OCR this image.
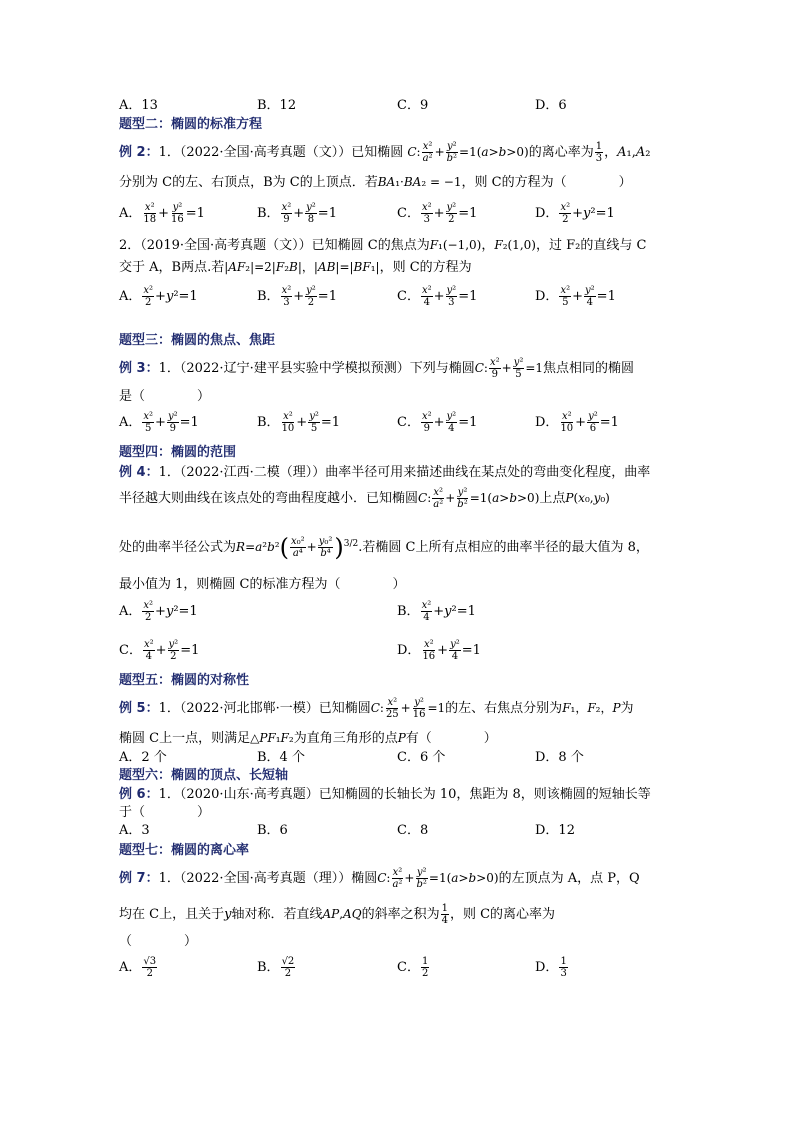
A．13	B．12	C．9	D．6
题型二：椭圆的标准方程
例 2：1．（2022·全国·高考真题（文））已知椭圆 C: $\frac{\text{x²}}{\text{a²}} + \frac{\text{y²}}{\text{b²}} =1(a>b>0)$的离心率为 $\frac{1}{3}$ ，A₁,A₂
分别为 C的左、右顶点，B为 C的上顶点．若BA₁·BA₂ = −1，则 C的方程为（　　　　）
A． $\frac{\text{x²}}{18} + \frac{\text{y²}}{16} =1$	B． $\frac{\text{x²}}{9} + \frac{\text{y²}}{8} =1$	C． $\frac{\text{x²}}{3} + \frac{\text{y²}}{2} =1$	D． $\frac{\text{x²}}{2} + y$ ²=1
2．（2019·全国·高考真题（文））已知椭圆 C的焦点为F₁(−1,0)，F₂(1,0)，过 F₂的直线与 C
交于 A，B两点.若|AF₂|=2|F₂B|，|AB|=|BF₁|，则 C的方程为
A． $\frac{\text{x²}}{2} + y$ ²=1	B． $\frac{\text{x²}}{3} + \frac{\text{y²}}{2} =1$	C． $\frac{\text{x²}}{4} + \frac{\text{y²}}{3} =1$	D． $\frac{\text{x²}}{5} + \frac{\text{y²}}{4} =1$
题型三：椭圆的焦点、焦距
例 3：1．（2022·辽宁·建平县实验中学模拟预测）下列与椭圆C: $\frac{\text{x²}}{9} + \frac{\text{y²}}{5} =1$焦点相同的椭圆
是（　　　　）
A． $\frac{\text{x²}}{5} + \frac{\text{y²}}{9} =1$	B． $\frac{\text{x²}}{10} + \frac{\text{y²}}{5} =1$	C． $\frac{\text{x²}}{9} + \frac{\text{y²}}{4} =1$	D． $\frac{\text{x²}}{10} + \frac{\text{y²}}{6} =1$
题型四：椭圆的范围
例 4：1．（2022·江西·二模（理））曲率半径可用来描述曲线在某点处的弯曲变化程度，曲率
半径越大则曲线在该点处的弯曲程度越小．已知椭圆C: $\frac{\text{x²}}{\text{a²}} + \frac{\text{y²}}{\text{b²}} =1(a>b>0)$上点P(x₀,y₀)
处的曲率半径公式为$R=a^2b^2( \frac{\text{x₀²}}{\text{a⁴}} + \frac{\text{y₀²}}{\text{b⁴}} )^{3/2}$.若椭圆 C上所有点相应的曲率半径的最大值为 8，
最小值为 1，则椭圆 C的标准方程为（　　　　）
A． $\frac{\text{x²}}{2} + y$ ²=1	B． $\frac{\text{x²}}{4} + y$ ²=1
C． $\frac{\text{x²}}{4} + \frac{\text{y²}}{2} =1$	D． $\frac{\text{x²}}{16} + \frac{\text{y²}}{4} =1$
题型五：椭圆的对称性
例 5：1．（2022·河北邯郸·一模）已知椭圆C: $\frac{\text{x²}}{25} + \frac{\text{y²}}{16} =1$的左、右焦点分别为F₁，F₂，P为
椭圆 C上一点，则满足△PF₁F₂为直角三角形的点P有（　　　　）
A．2 个	B．4 个	C．6 个	D．8 个
题型六：椭圆的顶点、长短轴
例 6：1．（2020·山东·高考真题）已知椭圆的长轴长为 10，焦距为 8，则该椭圆的短轴长等
于（　　　　）
A．3	B．6	C．8	D．12
题型七：椭圆的离心率
例 7：1．（2022·全国·高考真题（理））椭圆C: $\frac{\text{x²}}{\text{a²}} + \frac{\text{y²}}{\text{b²}} =1(a>b>0)$的左顶点为 A，点 P，Q
均在 C上，且关于y轴对称．若直线AP,AQ的斜率之积为 $\frac{1}{4}$ ，则 C的离心率为
（　　　　）
A． $\frac{√3}{2}$	B． $\frac{√2}{2}$	C． $\frac{1}{2}$	D． $\frac{1}{3}$
